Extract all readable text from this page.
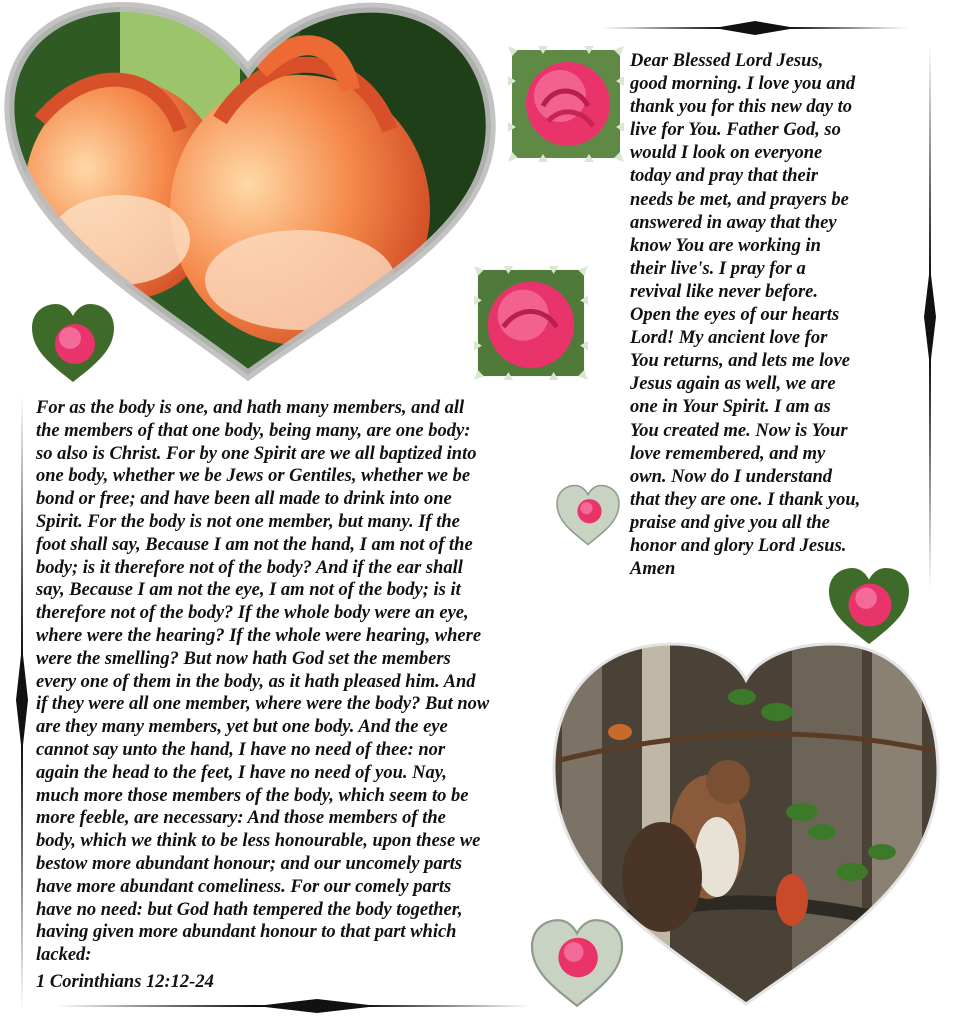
Dear Blessed Lord Jesus,
good morning. I love you and
thank you for this new day to
live for You. Father God, so
would I look on everyone
today and pray that their
needs be met, and prayers be
answered in away that they
know You are working in
their live's. I pray for a
revival like never before.
Open the eyes of our hearts
Lord! My ancient love for
You returns, and lets me love
Jesus again as well, we are
one in Your Spirit. I am as
You created me. Now is Your
love remembered, and my
own. Now do I understand
that they are one. I thank you,
praise and give you all the
honor and glory Lord Jesus.
Amen
For as the body is one, and hath many members, and all
the members of that one body, being many, are one body:
so also is Christ. For by one Spirit are we all baptized into
one body, whether we be Jews or Gentiles, whether we be
bond or free; and have been all made to drink into one
Spirit. For the body is not one member, but many. If the
foot shall say, Because I am not the hand, I am not of the
body; is it therefore not of the body? And if the ear shall
say, Because I am not the eye, I am not of the body; is it
therefore not of the body? If the whole body were an eye,
where were the hearing? If the whole were hearing, where
were the smelling? But now hath God set the members
every one of them in the body, as it hath pleased him. And
if they were all one member, where were the body? But now
are they many members, yet but one body. And the eye
cannot say unto the hand, I have no need of thee: nor
again the head to the feet, I have no need of you. Nay,
much more those members of the body, which seem to be
more feeble, are necessary: And those members of the
body, which we think to be less honourable, upon these we
bestow more abundant honour; and our uncomely parts
have more abundant comeliness. For our comely parts
have no need: but God hath tempered the body together,
having given more abundant honour to that part which
lacked:
1 Corinthians 12:12-24
